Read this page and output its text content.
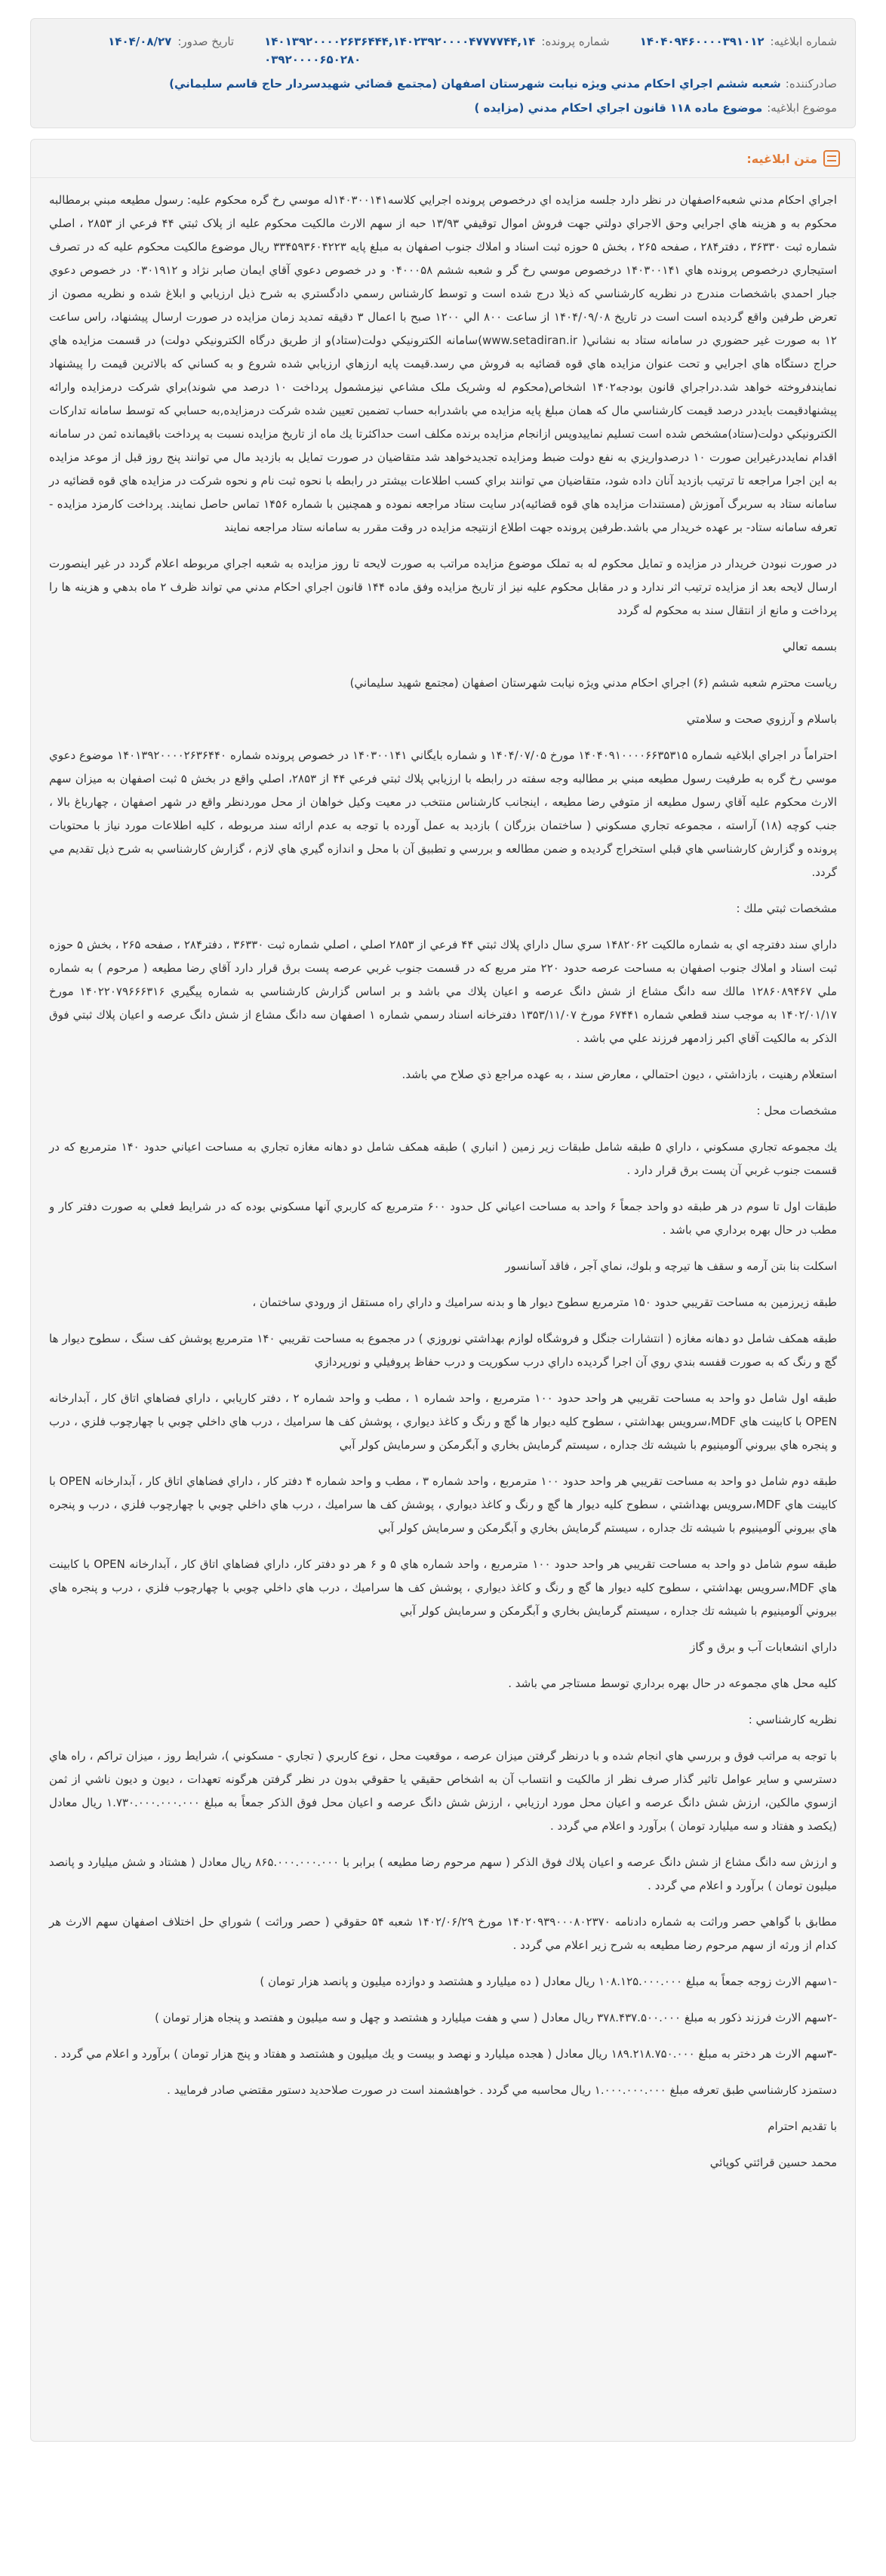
شماره ابلاغیه:
۱۴۰۴۰۹۴۶۰۰۰۰۳۹۱۰۱۲
شماره پرونده:
۱۴۰۱۳۹۲۰۰۰۰۲۶۳۶۴۴۴,۱۴۰۲۳۹۲۰۰۰۰۴۷۷۷۷۴۴,۱۴
۰۳۹۲۰۰۰۰۶۵۰۲۸۰
تاریخ صدور:
۱۴۰۴/۰۸/۲۷
صادرکننده:
شعبه ششم اجراي احکام مدني ويژه نيابت شهرستان اصفهان (مجتمع قضائي شهيدسردار حاج قاسم سليماني)
موضوع ابلاغیه:
موضوع ماده ۱۱۸ قانون اجراي احكام مدني (مزايده )
متن ابلاغیه:

اجراي احکام مدني شعبه۶اصفهان در نظر دارد جلسه مزايده اي درخصوص پرونده اجرايي كلاسه۱۴۰۳۰۰۱۴۱له موسي رخ گره محكوم عليه: رسول مطيعه مبني برمطالبه محكوم به و هزينه هاي اجرايي وحق الاجراي دولتي جهت فروش اموال توقيفي ۱۳/۹۳ حبه از سهم الارث مالکيت محکوم عليه از پلاک ثبتي ۴۴ فرعي از ۲۸۵۳ ، اصلي شماره ثبت ۳۶۳۳۰ ، دفتر۲۸۴ ، صفحه ۲۶۵ ، بخش ۵ حوزه ثبت اسناد و املاك جنوب اصفهان به مبلغ پايه ۳۳۴۵۹۳۶۰۴۲۲۳ ريال موضوع مالكيت محکوم عليه كه در تصرف استيجاري درخصوص پرونده هاي ۱۴۰۳۰۰۱۴۱ درخصوص موسي رخ گر و شعبه ششم ۰۴۰۰۰۵۸ و در خصوص دعوي آقاي ايمان صابر نژاد و ۰۳۰۱۹۱۲ در خصوص دعوي جبار احمدي باشخصات مندرج در نظريه كارشناسي كه ذيلا درج شده است و توسط كارشناس رسمي دادگستري به شرح ذيل ارزيابي و ابلاغ شده و نظريه مصون از تعرض طرفين واقع گرديده است است در تاريخ ۱۴۰۴/۰۹/۰۸ از ساعت ۸۰۰ الي ۱۲۰۰ صبح با اعمال ۳ دقيقه تمديد زمان مزايده در صورت ارسال پيشنهاد، راس ساعت ۱۲ به صورت غير حضوري در سامانه ستاد به نشاني( www.setadiran.ir)سامانه الكترونيكي دولت(ستاد)و از طريق درگاه الكترونيكي دولت) در قسمت مزايده هاي حراج دستگاه هاي اجرايي و تحت عنوان مزايده هاي قوه قضائيه به فروش مي رسد.قيمت پايه ارزهاي ارزيابي شده شروع و به كساني كه بالاترين قيمت را پيشنهاد نمايندفروخته خواهد شد.دراجراي قانون بودجه۱۴۰۲ اشخاص(محكوم له وشريک ملک مشاعي نيزمشمول پرداخت ۱۰ درصد مي شوند)براي شرکت درمزايده وارائه پيشنهادقيمت بايددر درصد قيمت كارشناسي مال كه همان مبلغ پايه مزايده مي باشدرابه حساب تضمين تعيين شده شركت درمزايده,به حسابي كه توسط سامانه تداركات الكترونيكي دولت(ستاد)مشخص شده است تسليم نماييدوپس ازانجام مزايده برنده مكلف است حداكثرتا يك ماه از تاريخ مزايده نسبت به پرداخت باقيمانده ثمن در سامانه اقدام نمايددرغيراين صورت ۱۰ درصدواريزي به نفع دولت ضبط ومزايده تجديدخواهد شد متقاضيان در صورت تمايل به بازديد مال مي توانند پنج روز قبل از موعد مزايده به اين اجرا مراجعه تا ترتيب بازديد آنان داده شود، متقاضيان مي توانند براي كسب اطلاعات بيشتر در رابطه با نحوه ثبت نام و نحوه شركت در مزايده هاي قوه قضائيه در سامانه ستاد به سربرگ آموزش (مستندات مزايده هاي قوه قضائيه)در سايت ستاد مراجعه نموده و همچنين با شماره ۱۴۵۶ تماس حاصل نمايند. پرداخت كارمزد مزايده - تعرفه سامانه ستاد- بر عهده خريدار مي باشد.طرفين پرونده جهت اطلاع ازنتيجه مزايده در وقت مقرر به سامانه ستاد مراجعه نمايند

در صورت نبودن خريدار در مزايده و تمايل محكوم له به تملک موضوع مزايده مراتب به صورت لايحه تا روز مزايده به شعبه اجراي مربوطه اعلام گردد در غير اينصورت ارسال لايحه بعد از مزايده ترتيب اثر ندارد و در مقابل محكوم عليه نيز از تاريخ مزايده وفق ماده ۱۴۴ قانون اجراي احكام مدني مي تواند ظرف ۲ ماه بدهي و هزينه ها را پرداخت و مانع از انتقال سند به محكوم له گردد

بسمه تعالي

رياست محترم شعبه ششم (۶) اجراي احكام مدني ويژه نيابت شهرستان اصفهان (مجتمع شهيد سليماني)

باسلام و آرزوي صحت و سلامتي

احتراماً در اجراي ابلاغيه شماره ۱۴۰۴۰۹۱۰۰۰۰۶۶۳۵۳۱۵ مورخ ۱۴۰۴/۰۷/۰۵ و شماره بايگاني ۱۴۰۳۰۰۱۴۱ در خصوص پرونده شماره ۱۴۰۱۳۹۲۰۰۰۰۲۶۳۶۴۴۰ موضوع دعوي موسي رخ گره به طرفيت رسول مطيعه مبني بر مطالبه وجه سفته در رابطه با ارزيابي پلاك ثبتي فرعي ۴۴ از ۲۸۵۳، اصلي واقع در بخش ۵ ثبت اصفهان به ميزان سهم الارث محكوم عليه آقاي رسول مطيعه از متوفي رضا مطيعه ، اينجانب كارشناس منتخب در معيت وكيل خواهان از محل موردنظر واقع در شهر اصفهان ، چهارباغ بالا ، جنب كوچه (۱۸) آراسته ، مجموعه تجاري مسكوني ( ساختمان بزرگان ) بازديد به عمل آورده با توجه به عدم ارائه سند مربوطه ، كليه اطلاعات مورد نياز با محتويات پرونده و گزارش كارشناسي هاي قبلي استخراج گرديده و ضمن مطالعه و بررسي و تطبيق آن با محل و اندازه گيري هاي لازم ، گزارش كارشناسي به شرح ذيل تقديم مي گردد.

مشخصات ثبتي ملك :

داراي سند دفترچه اي به شماره مالكيت ۱۴۸۲۰۶۲ سري سال داراي پلاك ثبتي ۴۴ فرعي از ۲۸۵۳ اصلي ، اصلي شماره ثبت ۳۶۳۳۰ ، دفتر۲۸۴ ، صفحه ۲۶۵ ، بخش ۵ حوزه ثبت اسناد و املاك جنوب اصفهان به مساحت عرصه حدود ۲۲۰ متر مربع كه در قسمت جنوب غربي عرصه پست برق قرار دارد آقاي رضا مطيعه ( مرحوم ) به شماره ملي ۱۲۸۶۰۸۹۴۶۷ مالك سه دانگ مشاع از شش دانگ عرصه و اعيان پلاك مي باشد و بر اساس گزارش كارشناسي به شماره پيگيري ۱۴۰۲۲۰۷۹۶۶۶۳۱۶ مورخ ۱۴۰۲/۰۱/۱۷ به موجب سند قطعي شماره ۶۷۴۴۱ مورخ ۱۳۵۳/۱۱/۰۷ دفترخانه اسناد رسمي شماره ۱ اصفهان سه دانگ مشاع از شش دانگ عرصه و اعيان پلاك ثبتي فوق الذكر به مالكيت آقاي اكبر زادمهر فرزند علي مي باشد .

استعلام رهنيت ، بازداشتي ، ديون احتمالي ، معارض سند ، به عهده مراجع ذي صلاح مي باشد.

مشخصات محل :

يك مجموعه تجاري مسكوني ، داراي ۵ طبقه شامل طبقات زير زمين ( انباري ) طبقه همكف شامل دو دهانه مغازه تجاري به مساحت اعياني حدود ۱۴۰ مترمربع كه در قسمت جنوب غربي آن پست برق قرار دارد .

طبقات اول تا سوم در هر طبقه دو واحد جمعاً ۶ واحد به مساحت اعياني كل حدود ۶۰۰ مترمربع كه كاربري آنها مسكوني بوده كه در شرايط فعلي به صورت دفتر كار و مطب در حال بهره برداري مي باشد .

اسكلت بنا بتن آرمه و سقف ها تيرچه و بلوك، نماي آجر ، فاقد آسانسور

طبقه زيرزمين به مساحت تقريبي حدود ۱۵۰ مترمربع سطوح ديوار ها و بدنه سراميك و داراي راه مستقل از ورودي ساختمان ،

طبقه همكف شامل دو دهانه مغازه ( انتشارات جنگل و فروشگاه لوازم بهداشتي نوروزي ) در مجموع به مساحت تقريبي ۱۴۰ مترمربع پوشش كف سنگ ، سطوح ديوار ها گچ و رنگ كه به صورت قفسه بندي روي آن اجرا گرديده داراي درب سكوريت و درب حفاظ پروفيلي و نورپردازي

طبقه اول شامل دو واحد به مساحت تقريبي هر واحد حدود ۱۰۰ مترمربع ، واحد شماره ۱ ، مطب و واحد شماره ۲ ، دفتر كاريابي ، داراي فضاهاي اتاق كار ، آبدارخانه OPEN با كابينت هاي MDF،سرويس بهداشتي ، سطوح كليه ديوار ها گچ و رنگ و كاغذ ديواري ، پوشش كف ها سراميك ، درب هاي داخلي چوبي با چهارچوب فلزي ، درب و پنجره هاي بيروني آلومينيوم با شيشه تك جداره ، سيستم گرمايش بخاري و آبگرمكن و سرمايش كولر آبي

طبقه دوم شامل دو واحد به مساحت تقريبي هر واحد حدود ۱۰۰ مترمربع ، واحد شماره ۳ ، مطب و واحد شماره ۴ دفتر كار ، داراي فضاهاي اتاق كار ، آبدارخانه OPEN با كابينت هاي MDF،سرويس بهداشتي ، سطوح كليه ديوار ها گچ و رنگ و كاغذ ديواري ، پوشش كف ها سراميك ، درب هاي داخلي چوبي با چهارچوب فلزي ، درب و پنجره هاي بيروني آلومينيوم با شيشه تك جداره ، سيستم گرمايش بخاري و آبگرمكن و سرمايش كولر آبي

طبقه سوم شامل دو واحد به مساحت تقريبي هر واحد حدود ۱۰۰ مترمربع ، واحد شماره هاي ۵ و ۶ هر دو دفتر كار، داراي فضاهاي اتاق كار ، آبدارخانه OPEN با كابينت هاي MDF،سرويس بهداشتي ، سطوح كليه ديوار ها گچ و رنگ و كاغذ ديواري ، پوشش كف ها سراميك ، درب هاي داخلي چوبي با چهارچوب فلزي ، درب و پنجره هاي بيروني آلومينيوم با شيشه تك جداره ، سيستم گرمايش بخاري و آبگرمكن و سرمايش كولر آبي

داراي انشعابات آب و برق و گاز

كليه محل هاي مجموعه در حال بهره برداري توسط مستاجر مي باشد .

نظريه كارشناسي :

با توجه به مراتب فوق و بررسي هاي انجام شده و با درنظر گرفتن ميزان عرصه ، موقعيت محل ، نوع كاربري ( تجاري - مسكوني )، شرايط روز ، ميزان تراكم ، راه هاي دسترسي و ساير عوامل تاثير گذار صرف نظر از مالكيت و انتساب آن به اشخاص حقيقي يا حقوقي بدون در نظر گرفتن هرگونه تعهدات ، ديون و ديون ناشي از ثمن ازسوي مالكين، ارزش شش دانگ عرصه و اعيان محل مورد ارزيابي ، ارزش شش دانگ عرصه و اعيان محل فوق الذكر جمعاً به مبلغ ۱.۷۳۰.۰۰۰.۰۰۰.۰۰۰ ريال معادل (يكصد و هفتاد و سه ميليارد تومان ) برآورد و اعلام مي گردد .

و ارزش سه دانگ مشاع از شش دانگ عرصه و اعيان پلاك فوق الذكر ( سهم مرحوم رضا مطيعه ) برابر با ۸۶۵.۰۰۰.۰۰۰.۰۰۰ ريال معادل ( هشتاد و شش ميليارد و پانصد ميليون تومان ) برآورد و اعلام مي گردد .

مطابق با گواهي حصر وراثت به شماره دادنامه ۱۴۰۲۰۹۳۹۰۰۰۸۰۲۳۷۰ مورخ ۱۴۰۲/۰۶/۲۹ شعبه ۵۴ حقوقي ( حصر وراثت ) شوراي حل اختلاف اصفهان سهم الارث هر كدام از ورثه از سهم مرحوم رضا مطيعه به شرح زير اعلام مي گردد .

-۱سهم الارث زوجه جمعاً به مبلغ ۱۰۸.۱۲۵.۰۰۰.۰۰۰ ريال معادل ( ده ميليارد و هشتصد و دوازده ميليون و پانصد هزار تومان )

-۲سهم الارث فرزند ذكور به مبلغ ۳۷۸.۴۳۷.۵۰۰.۰۰۰ ريال معادل ( سي و هفت ميليارد و هشتصد و چهل و سه ميليون و هفتصد و پنجاه هزار تومان )

-۳سهم الارث هر دختر به مبلغ ۱۸۹.۲۱۸.۷۵۰.۰۰۰ ريال معادل ( هجده ميليارد و نهصد و بيست و يك ميليون و هشتصد و هفتاد و پنج هزار تومان ) برآورد و اعلام مي گردد .

دستمزد كارشناسي طبق تعرفه مبلغ ۱.۰۰۰.۰۰۰.۰۰۰ ريال محاسبه مي گردد . خواهشمند است در صورت صلاحديد دستور مقتضي صادر فرماييد .

با تقديم احترام

محمد حسين قرائتي كوپائي
